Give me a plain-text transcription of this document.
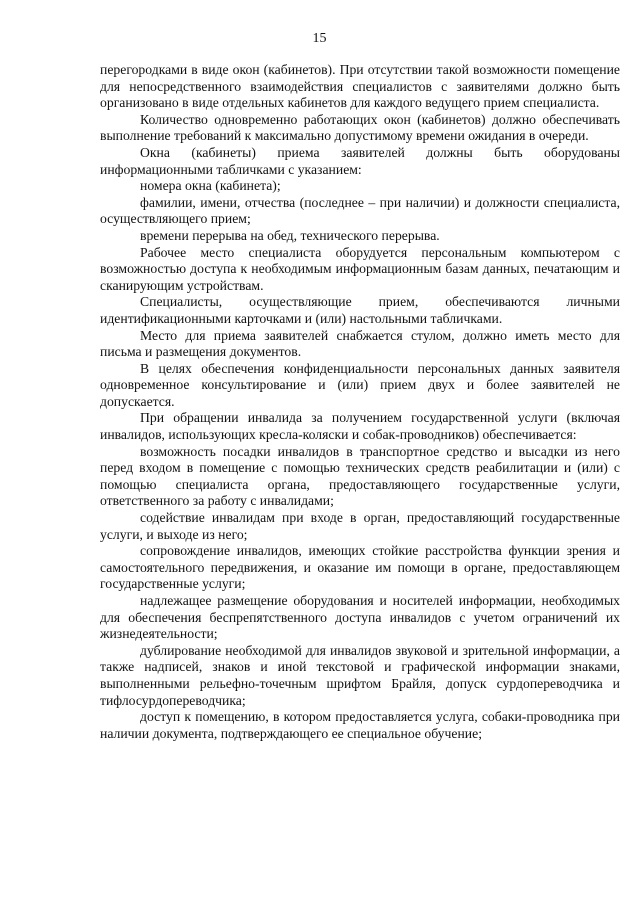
15

перегородками в виде окон (кабинетов). При отсутствии такой возможности помещение для непосредственного взаимодействия специалистов с заявителями должно быть организовано в виде отдельных кабинетов для каждого ведущего прием специалиста.

Количество одновременно работающих окон (кабинетов) должно обеспечивать выполнение требований к максимально допустимому времени ожидания в очереди.

Окна (кабинеты) приема заявителей должны быть оборудованы информационными табличками с указанием:

номера окна (кабинета);

фамилии, имени, отчества (последнее – при наличии) и должности специалиста, осуществляющего прием;

времени перерыва на обед, технического перерыва.

Рабочее место специалиста оборудуется персональным компьютером с возможностью доступа к необходимым информационным базам данных, печатающим и сканирующим устройствам.

Специалисты, осуществляющие прием, обеспечиваются личными идентификационными карточками и (или) настольными табличками.

Место для приема заявителей снабжается стулом, должно иметь место для письма и размещения документов.

В целях обеспечения конфиденциальности персональных данных заявителя одновременное консультирование и (или) прием двух и более заявителей не допускается.

При обращении инвалида за получением государственной услуги (включая инвалидов, использующих кресла-коляски и собак-проводников) обеспечивается:

возможность посадки инвалидов в транспортное средство и высадки из него перед входом в помещение с помощью технических средств реабилитации и (или) с помощью специалиста органа, предоставляющего государственные услуги, ответственного за работу с инвалидами;

содействие инвалидам при входе в орган, предоставляющий государственные услуги, и выходе из него;

сопровождение инвалидов, имеющих стойкие расстройства функции зрения и самостоятельного передвижения, и оказание им помощи в органе, предоставляющем государственные услуги;

надлежащее размещение оборудования и носителей информации, необходимых для обеспечения беспрепятственного доступа инвалидов с учетом ограничений их жизнедеятельности;

дублирование необходимой для инвалидов звуковой и зрительной информации, а также надписей, знаков и иной текстовой и графической информации знаками, выполненными рельефно-точечным шрифтом Брайля, допуск сурдопереводчика и тифлосурдопереводчика;

доступ к помещению, в котором предоставляется услуга, собаки-проводника при наличии документа, подтверждающего ее специальное обучение;
